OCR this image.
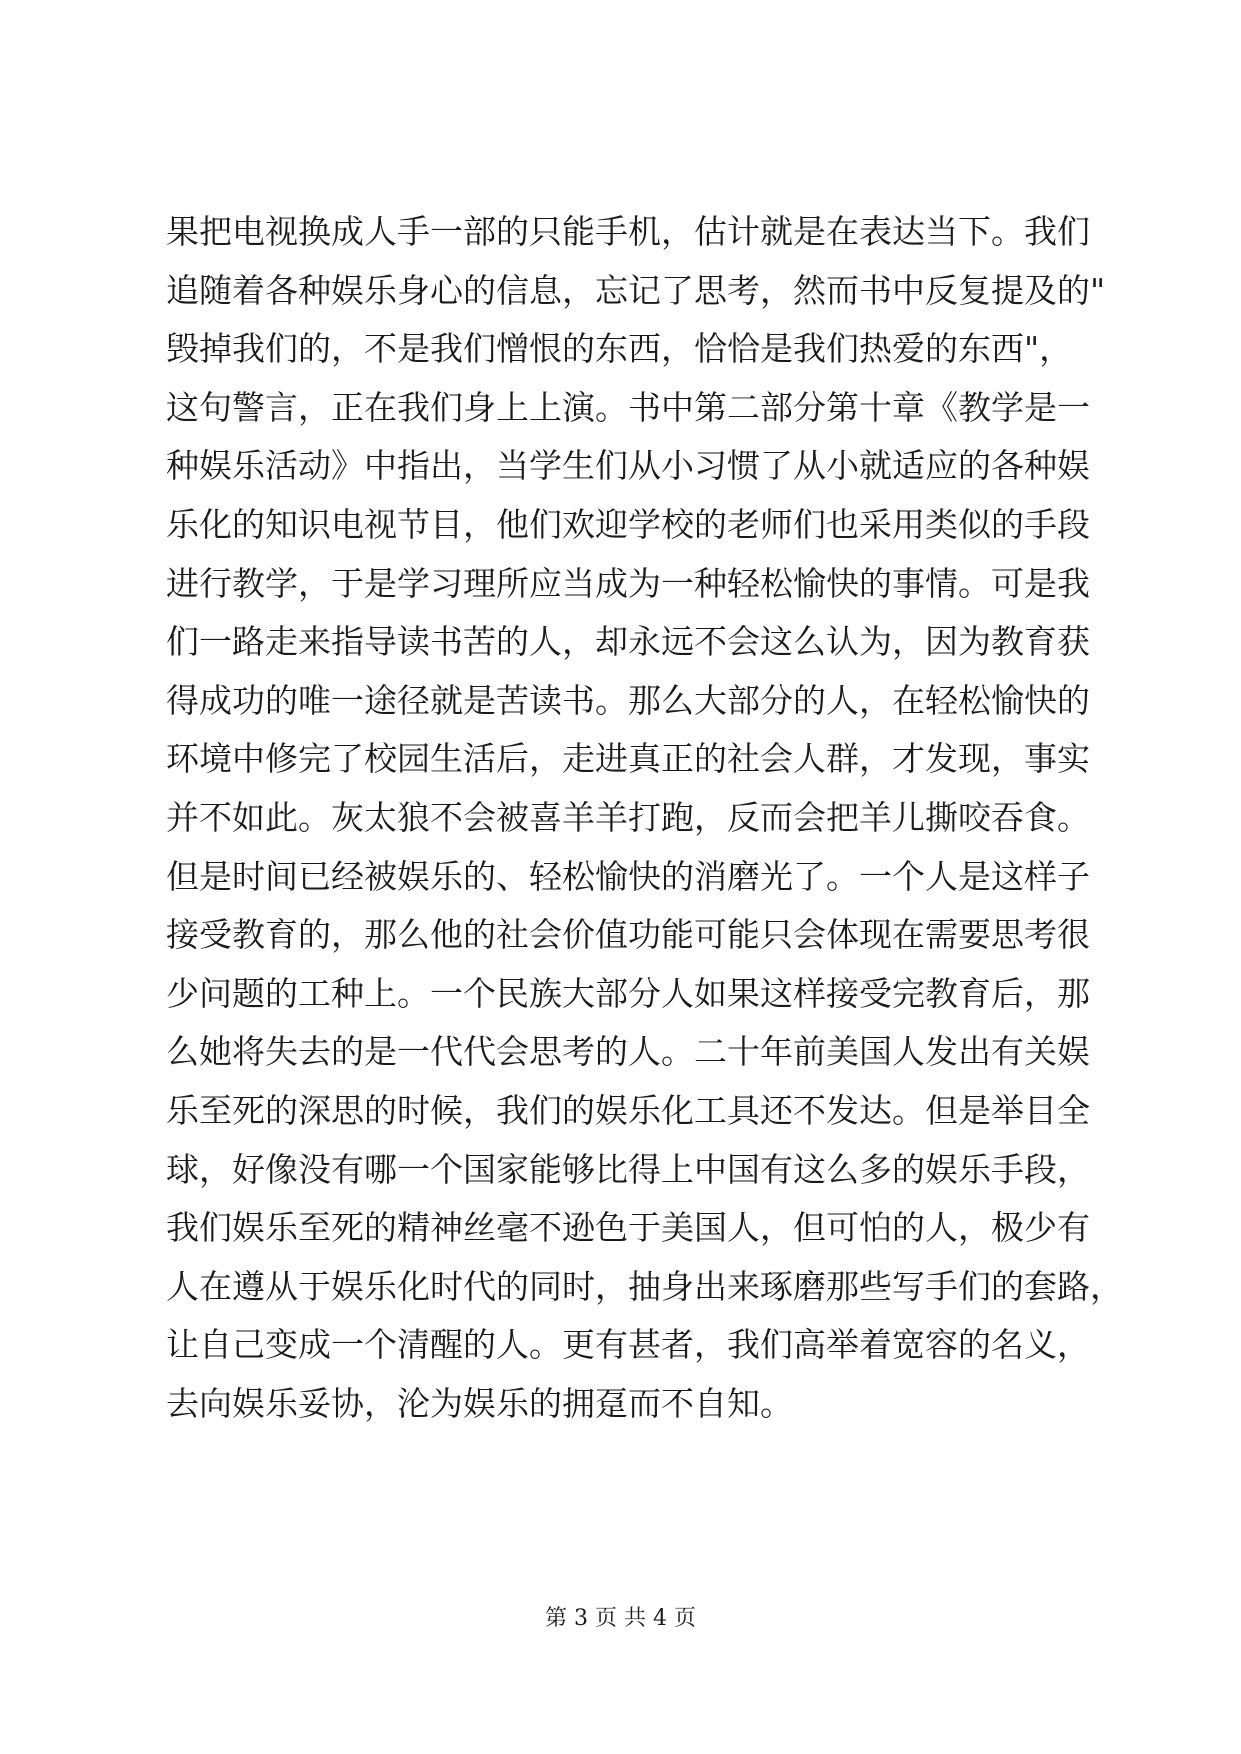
果把电视换成人手一部的只能手机，估计就是在表达当下。我们
追随着各种娱乐身心的信息，忘记了思考，然而书中反复提及的"
毁掉我们的，不是我们憎恨的东西，恰恰是我们热爱的东西"，
这句警言，正在我们身上上演。书中第二部分第十章《教学是一
种娱乐活动》中指出，当学生们从小习惯了从小就适应的各种娱
乐化的知识电视节目，他们欢迎学校的老师们也采用类似的手段
进行教学，于是学习理所应当成为一种轻松愉快的事情。可是我
们一路走来指导读书苦的人，却永远不会这么认为，因为教育获
得成功的唯一途径就是苦读书。那么大部分的人，在轻松愉快的
环境中修完了校园生活后，走进真正的社会人群，才发现，事实
并不如此。灰太狼不会被喜羊羊打跑，反而会把羊儿撕咬吞食。
但是时间已经被娱乐的、轻松愉快的消磨光了。一个人是这样子
接受教育的，那么他的社会价值功能可能只会体现在需要思考很
少问题的工种上。一个民族大部分人如果这样接受完教育后，那
么她将失去的是一代代会思考的人。二十年前美国人发出有关娱
乐至死的深思的时候，我们的娱乐化工具还不发达。但是举目全
球，好像没有哪一个国家能够比得上中国有这么多的娱乐手段，
我们娱乐至死的精神丝毫不逊色于美国人，但可怕的人，极少有
人在遵从于娱乐化时代的同时，抽身出来琢磨那些写手们的套路，
让自己变成一个清醒的人。更有甚者，我们高举着宽容的名义，
去向娱乐妥协，沦为娱乐的拥趸而不自知。
第 3 页 共 4 页
